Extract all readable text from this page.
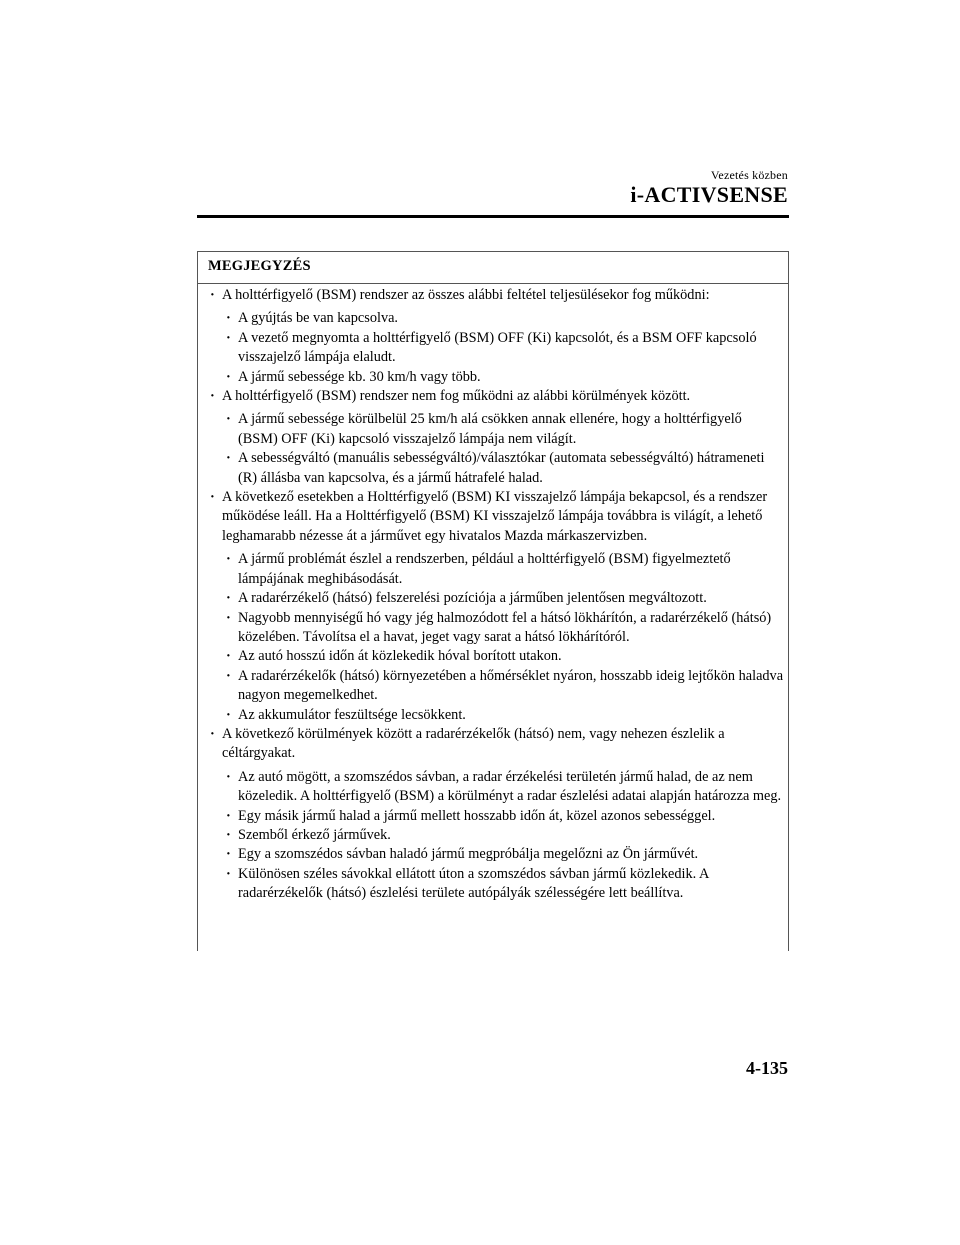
Vezetés közben
i-ACTIVSENSE
MEGJEGYZÉS

· A holttérfigyelő (BSM) rendszer az összes alábbi feltétel teljesülésekor fog működni:

· A gyújtás be van kapcsolva.

· A vezető megnyomta a holttérfigyelő (BSM) OFF (Ki) kapcsolót, és a BSM OFF kapcsoló visszajelző lámpája elaludt.

· A jármű sebessége kb. 30 km/h vagy több.

· A holttérfigyelő (BSM) rendszer nem fog működni az alábbi körülmények között.

· A jármű sebessége körülbelül 25 km/h alá csökken annak ellenére, hogy a holttérfigyelő (BSM) OFF (Ki) kapcsoló visszajelző lámpája nem világít.

· A sebességváltó (manuális sebességváltó)/választókar (automata sebességváltó) hátrameneti (R) állásba van kapcsolva, és a jármű hátrafelé halad.

· A következő esetekben a Holttérfigyelő (BSM) KI visszajelző lámpája bekapcsol, és a rendszer működése leáll. Ha a Holttérfigyelő (BSM) KI visszajelző lámpája továbbra is világít, a lehető leghamarabb nézesse át a járművet egy hivatalos Mazda márkaszervizben.

· A jármű problémát észlel a rendszerben, például a holttérfigyelő (BSM) figyelmeztető lámpájának meghibásodását.

· A radarérzékelő (hátsó) felszerelési pozíciója a járműben jelentősen megváltozott.

· Nagyobb mennyiségű hó vagy jég halmozódott fel a hátsó lökhárítón, a radarérzékelő (hátsó) közelében. Távolítsa el a havat, jeget vagy sarat a hátsó lökhárítóról.

· Az autó hosszú időn át közlekedik hóval borított utakon.

· A radarérzékelők (hátsó) környezetében a hőmérséklet nyáron, hosszabb ideig lejtőkön haladva nagyon megemelkedhet.

· Az akkumulátor feszültsége lecsökkent.

· A következő körülmények között a radarérzékelők (hátsó) nem, vagy nehezen észlelik a céltárgyakat.

· Az autó mögött, a szomszédos sávban, a radar érzékelési területén jármű halad, de az nem közeledik. A holttérfigyelő (BSM) a körülményt a radar észlelési adatai alapján határozza meg.

· Egy másik jármű halad a jármű mellett hosszabb időn át, közel azonos sebességgel.

· Szemből érkező járművek.

· Egy a szomszédos sávban haladó jármű megpróbálja megelőzni az Ön járművét.

· Különösen széles sávokkal ellátott úton a szomszédos sávban jármű közlekedik. A radarérzékelők (hátsó) észlelési területe autópályák szélességére lett beállítva.

4-135
